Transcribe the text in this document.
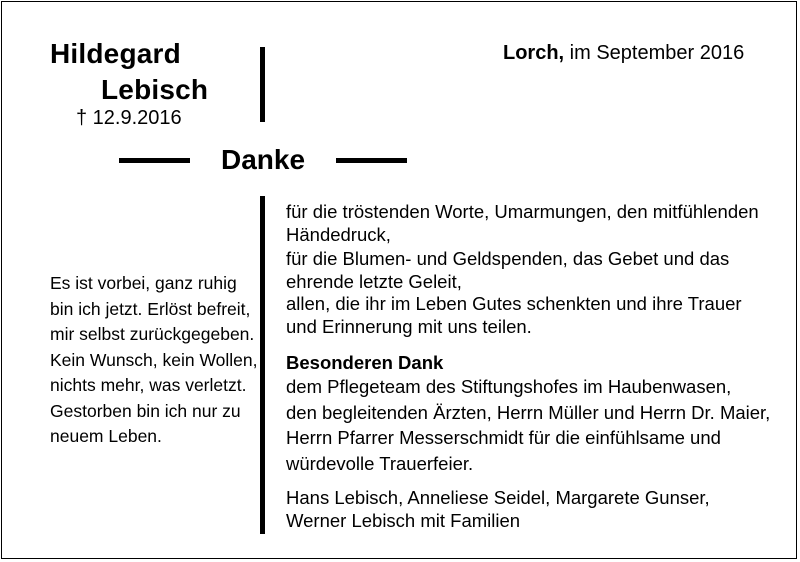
Hildegard
Lebisch
† 12.9.2016
Lorch, im September 2016
Danke
Es ist vorbei, ganz ruhig
bin ich jetzt. Erlöst befreit,
mir selbst zurückgegeben.
Kein Wunsch, kein Wollen,
nichts mehr, was verletzt.
Gestorben bin ich nur zu
neuem Leben.
für die tröstenden Worte, Umarmungen, den mitfühlenden
Händedruck,
für die Blumen- und Geldspenden, das Gebet und das
ehrende letzte Geleit,
allen, die ihr im Leben Gutes schenkten und ihre Trauer
und Erinnerung mit uns teilen.
Besonderen Dank
dem Pflegeteam des Stiftungshofes im Haubenwasen,
den begleitenden Ärzten, Herrn Müller und Herrn Dr. Maier,
Herrn Pfarrer Messerschmidt für die einfühlsame und
würdevolle Trauerfeier.
Hans Lebisch, Anneliese Seidel, Margarete Gunser,
Werner Lebisch mit Familien
